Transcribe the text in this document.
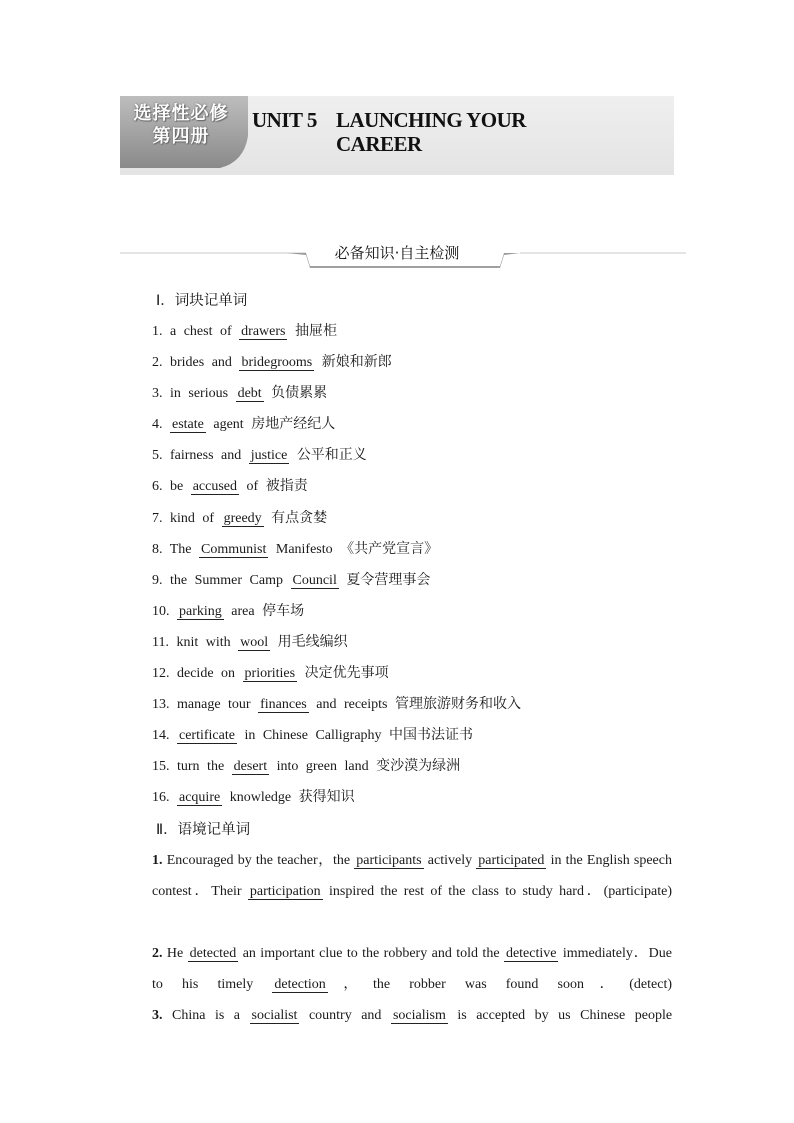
选择性必修
第四册
UNIT 5 LAUNCHING YOUR
CAREER
必备知识·自主检测
Ⅰ．词块记单词
1. a chest of drawers 抽屉柜
2. brides and bridegrooms 新娘和新郎
3. in serious debt 负债累累
4. estate agent 房地产经纪人
5. fairness and justice 公平和正义
6. be accused of 被指责
7. kind of greedy 有点贪婪
8. The Communist Manifesto 《共产党宣言》
9. the Summer Camp Council 夏令营理事会
10. parking area 停车场
11. knit with wool 用毛线编织
12. decide on priorities 决定优先事项
13. manage tour finances and receipts 管理旅游财务和收入
14. certificate in Chinese Calligraphy 中国书法证书
15. turn the desert into green land 变沙漠为绿洲
16. acquire knowledge 获得知识
Ⅱ．语境记单词
1. Encouraged by the teacher，the participants actively participated in the English speech contest．Their participation inspired the rest of the class to study hard．(participate)
2. He detected an important clue to the robbery and told the detective immediately．Due to his timely detection ，the robber was found soon．(detect)
3. China is a socialist country and socialism is accepted by us Chinese people
